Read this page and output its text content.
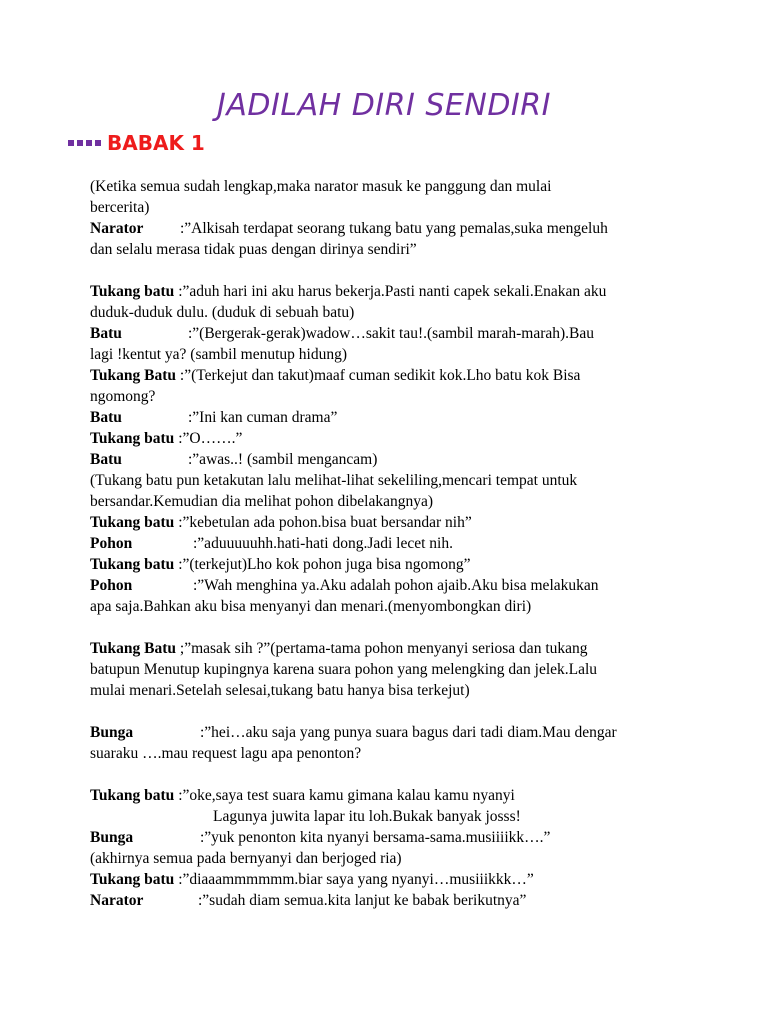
JADILAH DIRI SENDIRI
BABAK 1
(Ketika semua sudah lengkap,maka narator masuk ke panggung dan mulai
bercerita)
Narator :”Alkisah terdapat seorang tukang batu yang pemalas,suka mengeluh
dan selalu merasa tidak puas dengan dirinya sendiri”
Tukang batu :”aduh hari ini aku harus bekerja.Pasti nanti capek sekali.Enakan aku
duduk-duduk dulu. (duduk di sebuah batu)
Batu	:”(Bergerak-gerak)wadow…sakit tau!.(sambil marah-marah).Bau
lagi !kentut ya? (sambil menutup hidung)
Tukang Batu :”(Terkejut dan takut)maaf cuman sedikit kok.Lho batu kok Bisa
ngomong?
Batu	:”Ini kan cuman drama”
Tukang batu :”O…….”
Batu	:”awas..! (sambil mengancam)
(Tukang batu pun ketakutan lalu melihat-lihat sekeliling,mencari tempat untuk
bersandar.Kemudian dia melihat pohon dibelakangnya)
Tukang batu :”kebetulan ada pohon.bisa buat bersandar nih”
Pohon	:”aduuuuuhh.hati-hati dong.Jadi lecet nih.
Tukang batu :”(terkejut)Lho kok pohon juga bisa ngomong”
Pohon	:”Wah menghina ya.Aku adalah pohon ajaib.Aku bisa melakukan
apa saja.Bahkan aku bisa menyanyi dan menari.(menyombongkan diri)
Tukang Batu ;”masak sih ?”(pertama-tama pohon menyanyi seriosa dan tukang
batupun Menutup kupingnya karena suara pohon yang melengking dan jelek.Lalu
mulai menari.Setelah selesai,tukang batu hanya bisa terkejut)
Bunga	:”hei…aku saja yang punya suara bagus dari tadi diam.Mau dengar
suaraku ….mau request lagu apa penonton?
Tukang batu :”oke,saya test suara kamu gimana kalau kamu nyanyi
Lagunya juwita lapar itu loh.Bukak banyak josss!
Bunga	:”yuk penonton kita nyanyi bersama-sama.musiiiikk….”
(akhirnya semua pada bernyanyi dan berjoged ria)
Tukang batu :”diaaammmmmm.biar saya yang nyanyi…musiiikkk…”
Narator	:”sudah diam semua.kita lanjut ke babak berikutnya”
